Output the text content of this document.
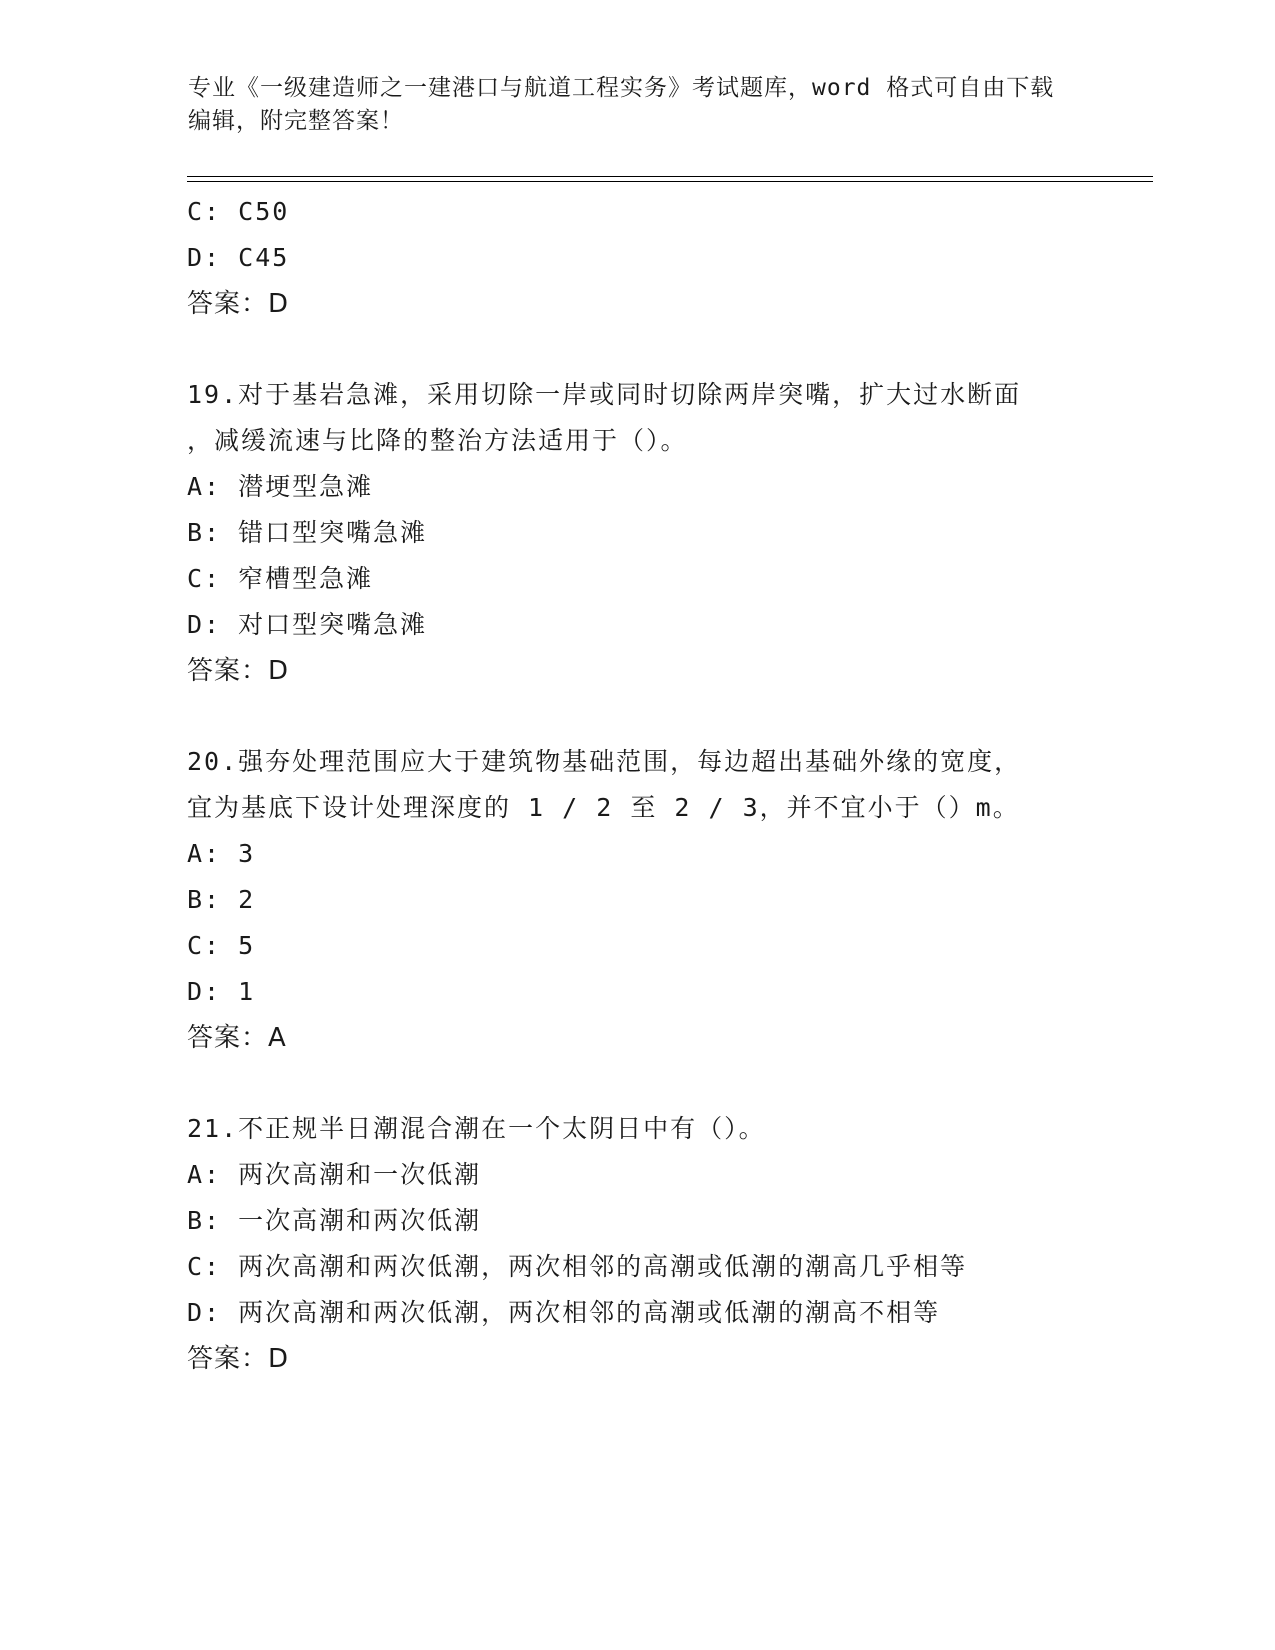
专业《一级建造师之一建港口与航道工程实务》考试题库，word 格式可自由下载
编辑，附完整答案！
C: C50
D: C45
答案：D
19.对于基岩急滩，采用切除一岸或同时切除两岸突嘴，扩大过水断面
，减缓流速与比降的整治方法适用于（）。
A: 潜埂型急滩
B: 错口型突嘴急滩
C: 窄槽型急滩
D: 对口型突嘴急滩
答案：D
20.强夯处理范围应大于建筑物基础范围，每边超出基础外缘的宽度，
宜为基底下设计处理深度的 1 / 2 至 2 / 3，并不宜小于（）m。
A: 3
B: 2
C: 5
D: 1
答案：A
21.不正规半日潮混合潮在一个太阴日中有（）。
A: 两次高潮和一次低潮
B: 一次高潮和两次低潮
C: 两次高潮和两次低潮，两次相邻的高潮或低潮的潮高几乎相等
D: 两次高潮和两次低潮，两次相邻的高潮或低潮的潮高不相等
答案：D
